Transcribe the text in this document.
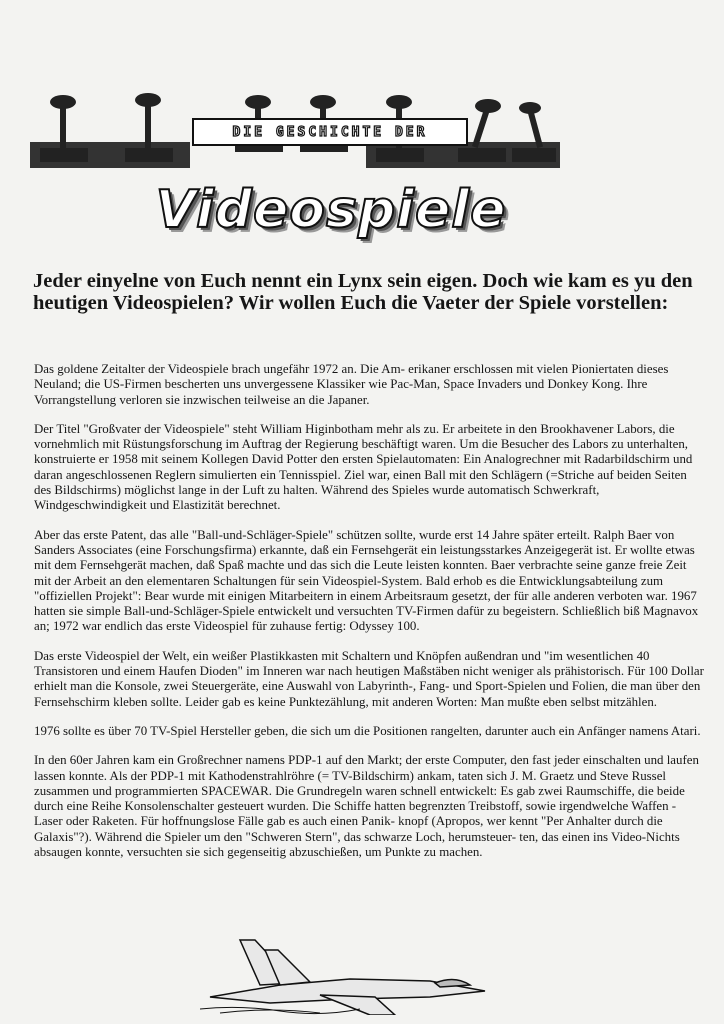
DIE GESCHICHTE DER
Videospiele
Jeder einyelne von Euch nennt ein Lynx sein eigen. Doch wie kam es yu den heutigen Videospielen? Wir wollen Euch die Vaeter der Spiele vorstellen:

Das goldene Zeitalter der Videospiele brach ungefähr 1972 an. Die Am- erikaner erschlossen mit vielen Pioniertaten dieses Neuland; die US-Firmen bescherten uns unvergessene Klassiker wie Pac-Man, Space Invaders und Donkey Kong. Ihre Vorrangstellung verloren sie inzwischen teilweise an die Japaner.

Der Titel "Großvater der Videospiele" steht William Higinbotham mehr als zu. Er arbeitete in den Brookhavener Labors, die vornehmlich mit Rüstungsforschung im Auftrag der Regierung beschäftigt waren. Um die Besucher des Labors zu unterhalten, konstruierte er 1958 mit seinem Kollegen David Potter den ersten Spielautomaten: Ein Analogrechner mit Radarbildschirm und daran angeschlossenen Reglern simulierten ein Tennisspiel. Ziel war, einen Ball mit den Schlägern (=Striche auf beiden Seiten des Bildschirms) möglichst lange in der Luft zu halten. Während des Spieles wurde automatisch Schwerkraft, Windgeschwindigkeit und Elastizität berechnet.

Aber das erste Patent, das alle "Ball-und-Schläger-Spiele" schützen sollte, wurde erst 14 Jahre später erteilt. Ralph Baer von Sanders Associates (eine Forschungsfirma) erkannte, daß ein Fernsehgerät ein leistungsstarkes Anzeigegerät ist. Er wollte etwas mit dem Fernsehgerät machen, daß Spaß machte und das sich die Leute leisten konnten. Baer verbrachte seine ganze freie Zeit mit der Arbeit an den elementaren Schaltungen für sein Videospiel-System. Bald erhob es die Entwicklungsabteilung zum "offiziellen Projekt": Bear wurde mit einigen Mitarbeitern in einem Arbeitsraum gesetzt, der für alle anderen verboten war. 1967 hatten sie simple Ball-und-Schläger-Spiele entwickelt und versuchten TV-Firmen dafür zu begeistern. Schließlich biß Magnavox an; 1972 war endlich das erste Videospiel für zuhause fertig: Odyssey 100.

Das erste Videospiel der Welt, ein weißer Plastikkasten mit Schaltern und Knöpfen außendran und "im wesentlichen 40 Transistoren und einem Haufen Dioden" im Inneren war nach heutigen Maßstäben nicht weniger als prähistorisch. Für 100 Dollar erhielt man die Konsole, zwei Steuergeräte, eine Auswahl von Labyrinth-, Fang- und Sport-Spielen und Folien, die man über den Fernsehschirm kleben sollte. Leider gab es keine Punktezählung, mit anderen Worten: Man mußte eben selbst mitzählen.

1976 sollte es über 70 TV-Spiel Hersteller geben, die sich um die Positionen rangelten, darunter auch ein Anfänger namens Atari.

In den 60er Jahren kam ein Großrechner namens PDP-1 auf den Markt; der erste Computer, den fast jeder einschalten und laufen lassen konnte. Als der PDP-1 mit Kathodenstrahlröhre (= TV-Bildschirm) ankam, taten sich J. M. Graetz und Steve Russel zusammen und programmierten SPACEWAR. Die Grundregeln waren schnell entwickelt: Es gab zwei Raumschiffe, die beide durch eine Reihe Konsolenschalter gesteuert wurden. Die Schiffe hatten begrenzten Treibstoff, sowie irgendwelche Waffen - Laser oder Raketen. Für hoffnungslose Fälle gab es auch einen Panik- knopf (Apropos, wer kennt "Per Anhalter durch die Galaxis"?). Während die Spieler um den "Schweren Stern", das schwarze Loch, herumsteuer- ten, das einen ins Video-Nichts absaugen konnte, versuchten sie sich gegenseitig abzuschießen, um Punkte zu machen.
